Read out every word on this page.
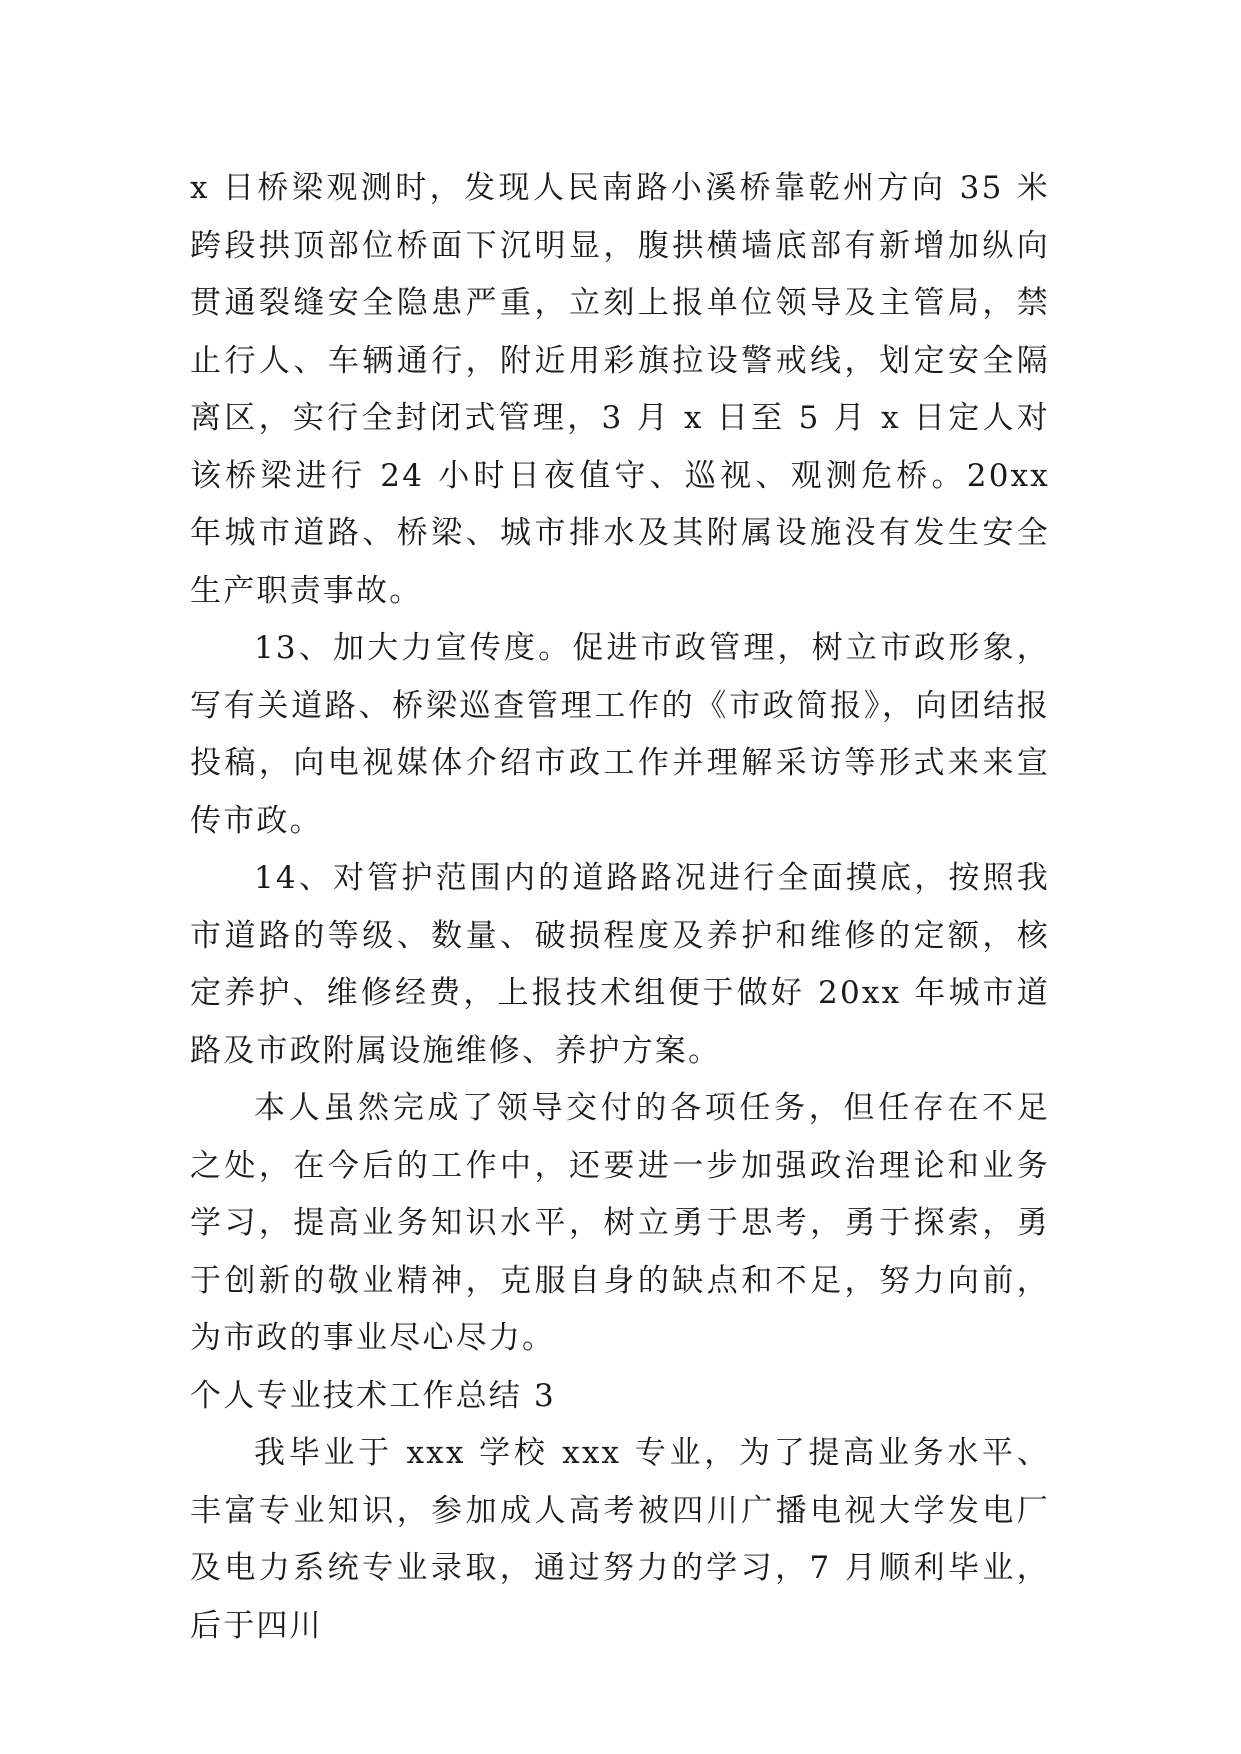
x 日桥梁观测时，发现人民南路小溪桥靠乾州方向 35 米跨段拱顶部位桥面下沉明显，腹拱横墙底部有新增加纵向贯通裂缝安全隐患严重，立刻上报单位领导及主管局，禁止行人、车辆通行，附近用彩旗拉设警戒线，划定安全隔离区，实行全封闭式管理，3 月 x 日至 5 月 x 日定人对该桥梁进行 24 小时日夜值守、巡视、观测危桥。20xx 年城市道路、桥梁、城市排水及其附属设施没有发生安全生产职责事故。

13、加大力宣传度。促进市政管理，树立市政形象，写有关道路、桥梁巡查管理工作的《市政简报》，向团结报投稿，向电视媒体介绍市政工作并理解采访等形式来来宣传市政。

14、对管护范围内的道路路况进行全面摸底，按照我市道路的等级、数量、破损程度及养护和维修的定额，核定养护、维修经费，上报技术组便于做好 20xx 年城市道路及市政附属设施维修、养护方案。

本人虽然完成了领导交付的各项任务，但任存在不足之处，在今后的工作中，还要进一步加强政治理论和业务学习，提高业务知识水平，树立勇于思考，勇于探索，勇于创新的敬业精神，克服自身的缺点和不足，努力向前，为市政的事业尽心尽力。

个人专业技术工作总结 3

我毕业于 xxx 学校 xxx 专业，为了提高业务水平、丰富专业知识，参加成人高考被四川广播电视大学发电厂及电力系统专业录取，通过努力的学习，7 月顺利毕业，后于四川
